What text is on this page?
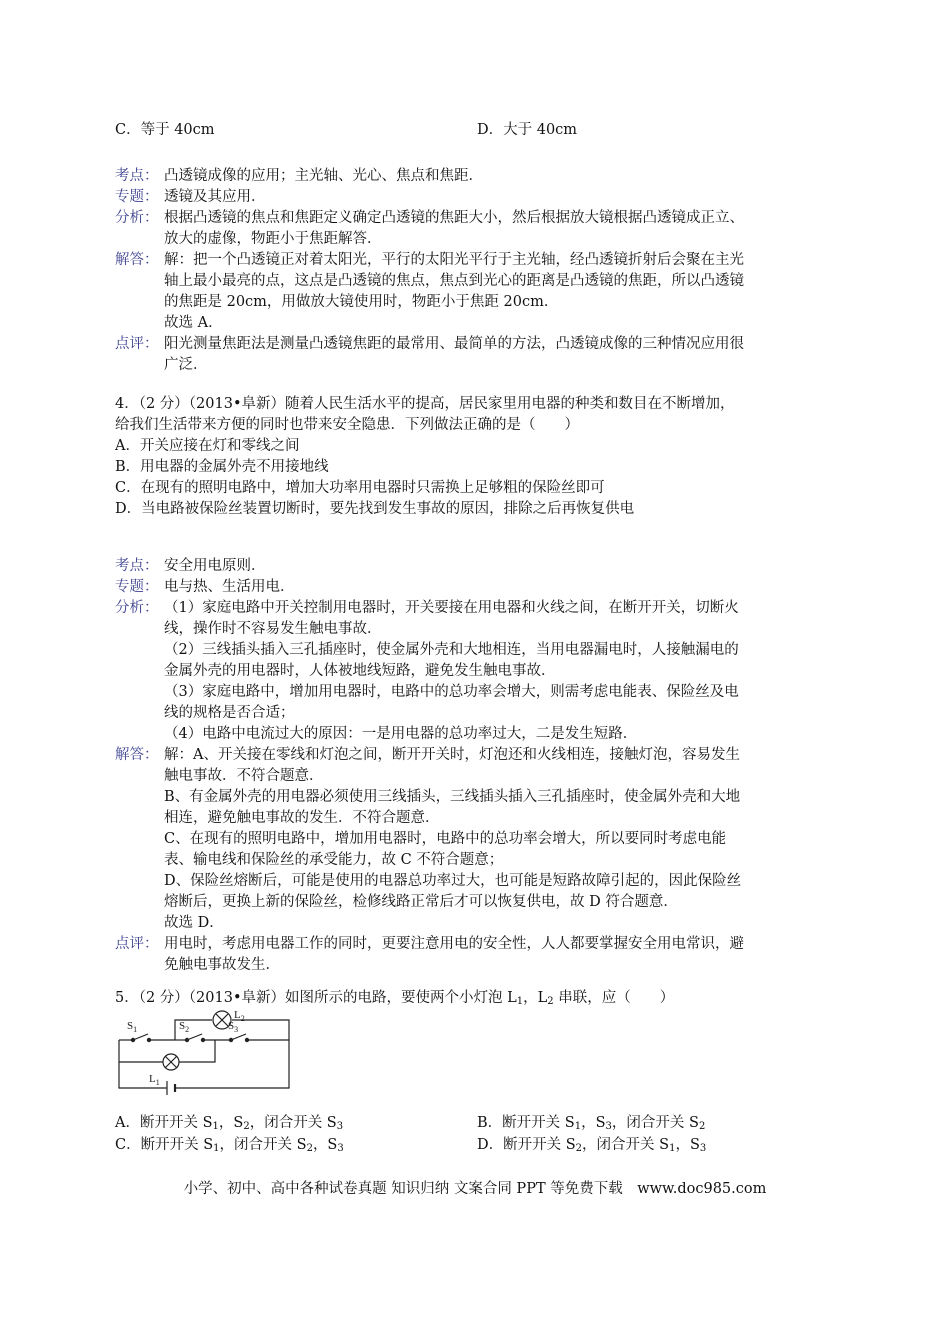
C．等于 40cm	D．大于 40cm
考点： 凸透镜成像的应用；主光轴、光心、焦点和焦距．
专题： 透镜及其应用．
分析： 根据凸透镜的焦点和焦距定义确定凸透镜的焦距大小，然后根据放大镜根据凸透镜成正立、

放大的虚像，物距小于焦距解答．

解答： 解：把一个凸透镜正对着太阳光，平行的太阳光平行于主光轴，经凸透镜折射后会聚在主光

轴上最小最亮的点，这点是凸透镜的焦点，焦点到光心的距离是凸透镜的焦距，所以凸透镜

的焦距是 20cm，用做放大镜使用时，物距小于焦距 20cm．

故选 A．

点评： 阳光测量焦距法是测量凸透镜焦距的最常用、最简单的方法，凸透镜成像的三种情况应用很

广泛．

4．（2 分）（2013•阜新）随着人民生活水平的提高，居民家里用电器的种类和数目在不断增加，

给我们生活带来方便的同时也带来安全隐患．下列做法正确的是（　　）

A．开关应接在灯和零线之间

B．用电器的金属外壳不用接地线

C．在现有的照明电路中，增加大功率用电器时只需换上足够粗的保险丝即可

D．当电路被保险丝装置切断时，要先找到发生事故的原因，排除之后再恢复供电

考点： 安全用电原则．
专题： 电与热、生活用电．
分析： （1）家庭电路中开关控制用电器时，开关要接在用电器和火线之间，在断开开关，切断火

线，操作时不容易发生触电事故．

（2）三线插头插入三孔插座时，使金属外壳和大地相连，当用电器漏电时，人接触漏电的

金属外壳的用电器时，人体被地线短路，避免发生触电事故．

（3）家庭电路中，增加用电器时，电路中的总功率会增大，则需考虑电能表、保险丝及电

线的规格是否合适；

（4）电路中电流过大的原因：一是用电器的总功率过大，二是发生短路．

解答： 解：A、开关接在零线和灯泡之间，断开开关时，灯泡还和火线相连，接触灯泡，容易发生

触电事故．不符合题意．

B、有金属外壳的用电器必须使用三线插头，三线插头插入三孔插座时，使金属外壳和大地

相连，避免触电事故的发生．不符合题意．

C、在现有的照明电路中，增加用电器时，电路中的总功率会增大，所以要同时考虑电能

表、输电线和保险丝的承受能力，故 C 不符合题意；

D、保险丝熔断后，可能是使用的电器总功率过大，也可能是短路故障引起的，因此保险丝

熔断后，更换上新的保险丝，检修线路正常后才可以恢复供电，故 D 符合题意．

故选 D．

点评： 用电时，考虑用电器工作的同时，更要注意用电的安全性，人人都要掌握安全用电常识，避

免触电事故发生．

5．（2 分）（2013•阜新）如图所示的电路，要使两个小灯泡 $L_1$，$L_2$ 串联，应（　　）
$S_1$	$S_2$	$S_3$
$L_2$
$L_1$
A．断开开关 $S_1$，$S_2$，闭合开关 $S_3$	B．断开开关 $S_1$，$S_3$，闭合开关 $S_2$
C．断开开关 $S_1$，闭合开关 $S_2$，$S_3$	D．断开开关 $S_2$，闭合开关 $S_1$，$S_3$
小学、初中、高中各种试卷真题 知识归纳 文案合同 PPT 等免费下载　www.doc985.com
